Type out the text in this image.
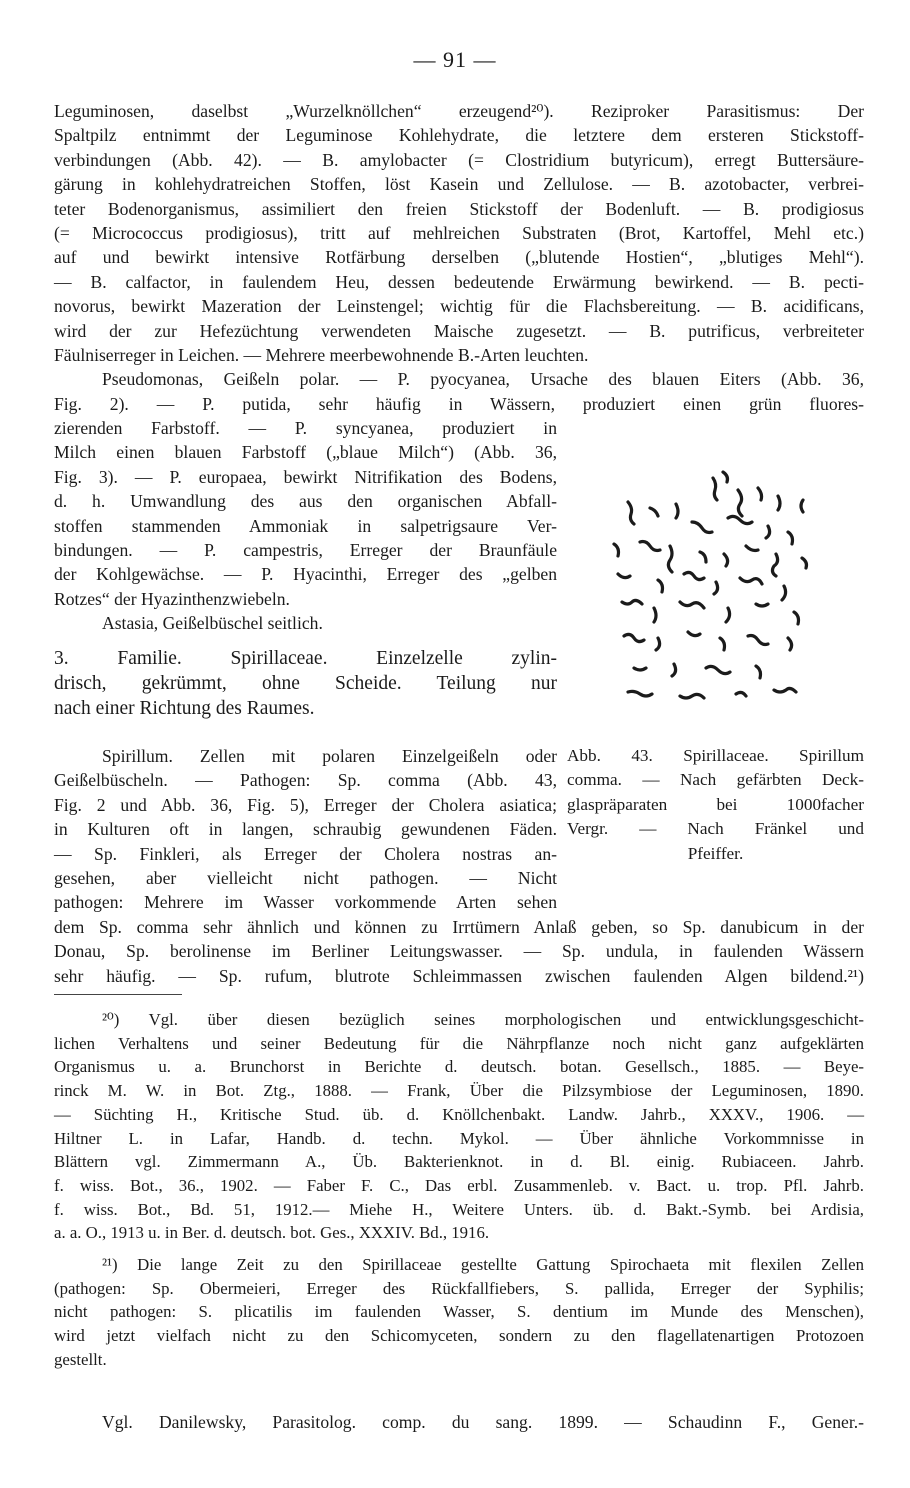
— 91 —
Leguminosen, daselbst „Wurzelknöllchen“ erzeugend²⁰). Reziproker Parasitismus: Der
Spaltpilz entnimmt der Leguminose Kohlehydrate, die letztere dem ersteren Stickstoff-
verbindungen (Abb. 42). — B. amylobacter (= Clostridium butyricum), erregt Buttersäure-
gärung in kohlehydratreichen Stoffen, löst Kasein und Zellulose. — B. azotobacter, verbrei-
teter Bodenorganismus, assimiliert den freien Stickstoff der Bodenluft. — B. prodigiosus
(= Micrococcus prodigiosus), tritt auf mehlreichen Substraten (Brot, Kartoffel, Mehl etc.)
auf und bewirkt intensive Rotfärbung derselben („blutende Hostien“, „blutiges Mehl“).
— B. calfactor, in faulendem Heu, dessen bedeutende Erwärmung bewirkend. — B. pecti-
novorus, bewirkt Mazeration der Leinstengel; wichtig für die Flachsbereitung. — B. acidificans,
wird der zur Hefezüchtung verwendeten Maische zugesetzt. — B. putrificus, verbreiteter
Fäulniserreger in Leichen. — Mehrere meerbewohnende B.-Arten leuchten.
Pseudomonas, Geißeln polar. — P. pyocyanea, Ursache des blauen Eiters (Abb. 36,
Fig. 2). — P. putida, sehr häufig in Wässern, produziert einen grün fluores-
zierenden Farbstoff. — P. syncyanea, produziert in
Milch einen blauen Farbstoff („blaue Milch“) (Abb. 36,
Fig. 3). — P. europaea, bewirkt Nitrifikation des Bodens,
d. h. Umwandlung des aus den organischen Abfall-
stoffen stammenden Ammoniak in salpetrigsaure Ver-
bindungen. — P. campestris, Erreger der Braunfäule
der Kohlgewächse. — P. Hyacinthi, Erreger des „gelben
Rotzes“ der Hyazinthenzwiebeln.
Astasia, Geißelbüschel seitlich.
3. Familie. Spirillaceae. Einzelzelle zylin-
drisch, gekrümmt, ohne Scheide. Teilung nur
nach einer Richtung des Raumes.
Spirillum. Zellen mit polaren Einzelgeißeln oder
Geißelbüscheln. — Pathogen: Sp. comma (Abb. 43,
Fig. 2 und Abb. 36, Fig. 5), Erreger der Cholera asiatica;
in Kulturen oft in langen, schraubig gewundenen Fäden.
— Sp. Finkleri, als Erreger der Cholera nostras an-
gesehen, aber vielleicht nicht pathogen. — Nicht
pathogen: Mehrere im Wasser vorkommende Arten sehen
dem Sp. comma sehr ähnlich und können zu Irrtümern Anlaß geben, so Sp. danubicum in der
Donau, Sp. berolinense im Berliner Leitungswasser. — Sp. undula, in faulenden Wässern
sehr häufig. — Sp. rufum, blutrote Schleimmassen zwischen faulenden Algen bildend.²¹)
Abb. 43. Spirillaceae. Spirillum
comma. — Nach gefärbten Deck-
glaspräparaten bei 1000facher
Vergr. — Nach Fränkel und
Pfeiffer.
²⁰) Vgl. über diesen bezüglich seines morphologischen und entwicklungsgeschicht-
lichen Verhaltens und seiner Bedeutung für die Nährpflanze noch nicht ganz aufgeklärten
Organismus u. a. Brunchorst in Berichte d. deutsch. botan. Gesellsch., 1885. — Beye-
rinck M. W. in Bot. Ztg., 1888. — Frank, Über die Pilzsymbiose der Leguminosen, 1890.
— Süchting H., Kritische Stud. üb. d. Knöllchenbakt. Landw. Jahrb., XXXV., 1906. —
Hiltner L. in Lafar, Handb. d. techn. Mykol. — Über ähnliche Vorkommnisse in
Blättern vgl. Zimmermann A., Üb. Bakterienknot. in d. Bl. einig. Rubiaceen. Jahrb.
f. wiss. Bot., 36., 1902. — Faber F. C., Das erbl. Zusammenleb. v. Bact. u. trop. Pfl. Jahrb.
f. wiss. Bot., Bd. 51, 1912.— Miehe H., Weitere Unters. üb. d. Bakt.-Symb. bei Ardisia,
a. a. O., 1913 u. in Ber. d. deutsch. bot. Ges., XXXIV. Bd., 1916.
²¹) Die lange Zeit zu den Spirillaceae gestellte Gattung Spirochaeta mit flexilen Zellen
(pathogen: Sp. Obermeieri, Erreger des Rückfallfiebers, S. pallida, Erreger der Syphilis;
nicht pathogen: S. plicatilis im faulenden Wasser, S. dentium im Munde des Menschen),
wird jetzt vielfach nicht zu den Schicomyceten, sondern zu den flagellatenartigen Protozoen
gestellt.
Vgl. Danilewsky, Parasitolog. comp. du sang. 1899. — Schaudinn F., Gener.-
